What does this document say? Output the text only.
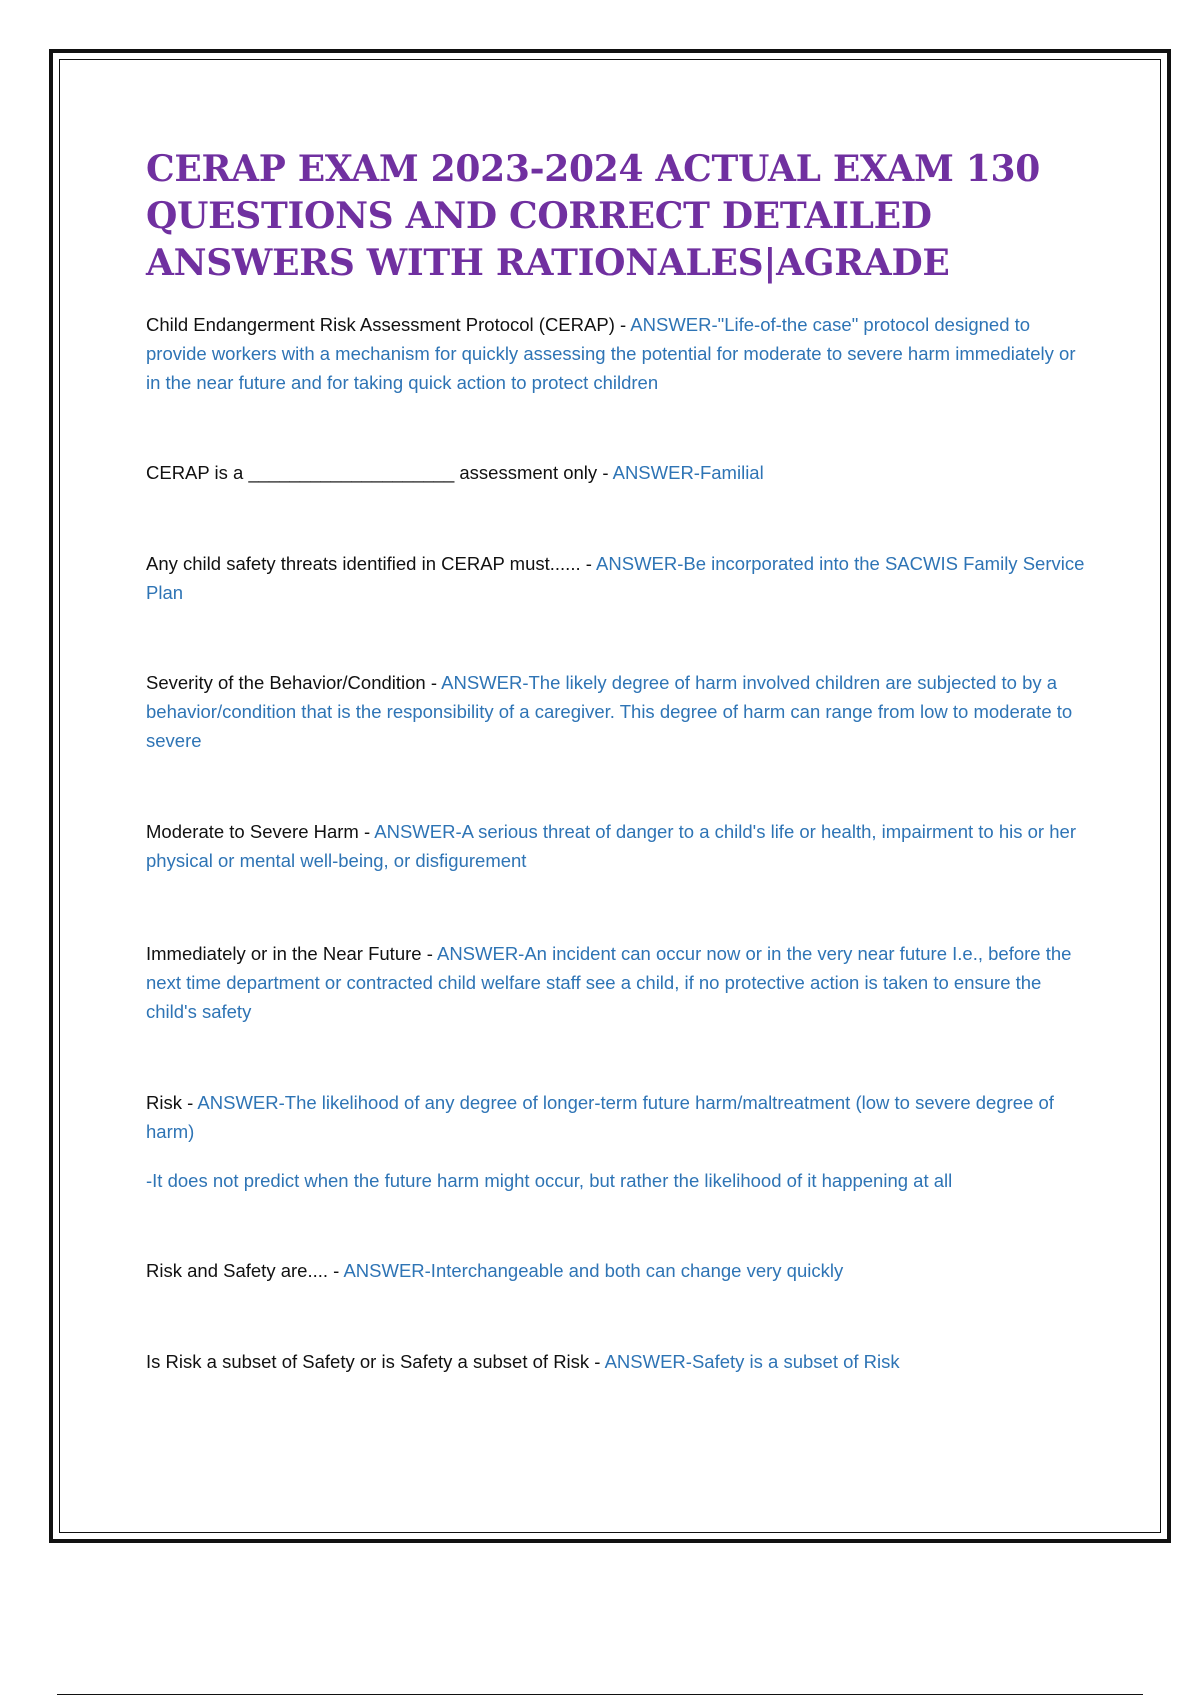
CERAP EXAM 2023-2024 ACTUAL EXAM 130 QUESTIONS AND CORRECT DETAILED ANSWERS WITH RATIONALES|AGRADE

Child Endangerment Risk Assessment Protocol (CERAP) - ANSWER-"Life-of-the case" protocol designed to provide workers with a mechanism for quickly assessing the potential for moderate to severe harm immediately or in the near future and for taking quick action to protect children

CERAP is a ____________________ assessment only - ANSWER-Familial

Any child safety threats identified in CERAP must...... - ANSWER-Be incorporated into the SACWIS Family Service Plan

Severity of the Behavior/Condition - ANSWER-The likely degree of harm involved children are subjected to by a behavior/condition that is the responsibility of a caregiver. This degree of harm can range from low to moderate to severe

Moderate to Severe Harm - ANSWER-A serious threat of danger to a child's life or health, impairment to his or her physical or mental well-being, or disfigurement

Immediately or in the Near Future - ANSWER-An incident can occur now or in the very near future I.e., before the next time department or contracted child welfare staff see a child, if no protective action is taken to ensure the child's safety

Risk - ANSWER-The likelihood of any degree of longer-term future harm/maltreatment (low to severe degree of harm)

-It does not predict when the future harm might occur, but rather the likelihood of it happening at all

Risk and Safety are.... - ANSWER-Interchangeable and both can change very quickly

Is Risk a subset of Safety or is Safety a subset of Risk - ANSWER-Safety is a subset of Risk
